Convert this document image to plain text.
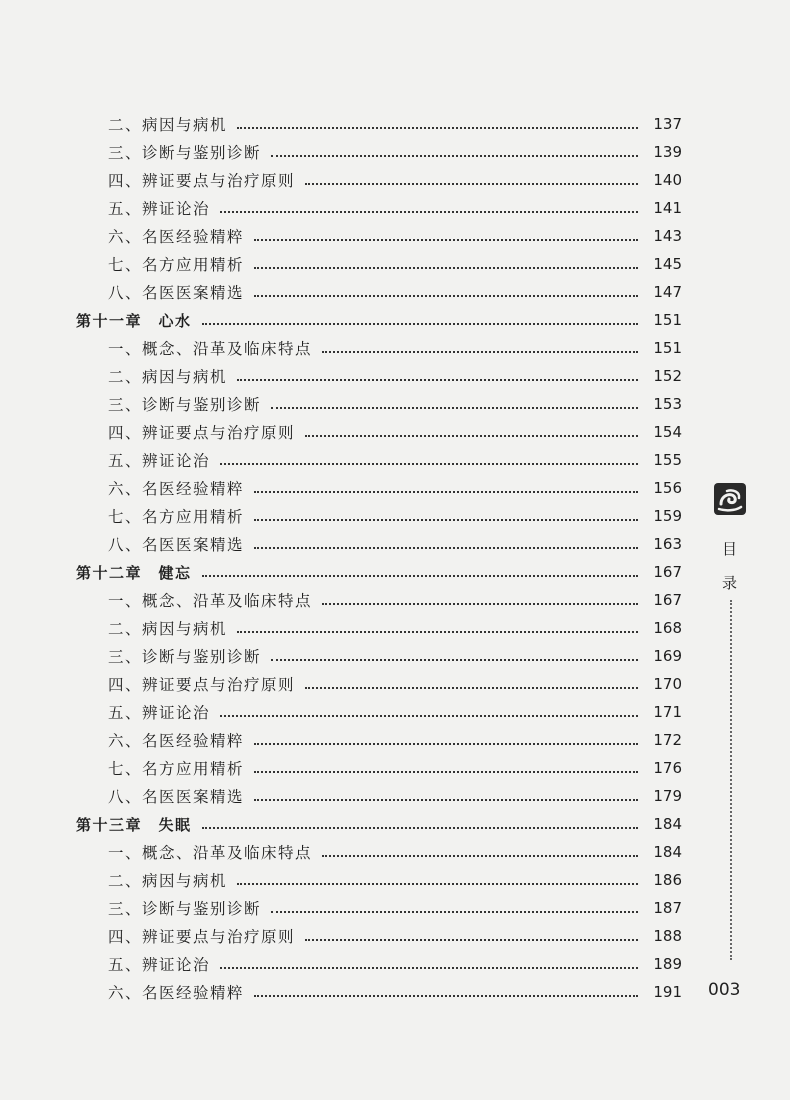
二、病因与病机	137
三、诊断与鉴别诊断	139
四、辨证要点与治疗原则	140
五、辨证论治	141
六、名医经验精粹	143
七、名方应用精析	145
八、名医医案精选	147
第十一章　心水	151
一、概念、沿革及临床特点	151
二、病因与病机	152
三、诊断与鉴别诊断	153
四、辨证要点与治疗原则	154
五、辨证论治	155
六、名医经验精粹	156
七、名方应用精析	159
八、名医医案精选	163
第十二章　健忘	167
一、概念、沿革及临床特点	167
二、病因与病机	168
三、诊断与鉴别诊断	169
四、辨证要点与治疗原则	170
五、辨证论治	171
六、名医经验精粹	172
七、名方应用精析	176
八、名医医案精选	179
第十三章　失眠	184
一、概念、沿革及临床特点	184
二、病因与病机	186
三、诊断与鉴别诊断	187
四、辨证要点与治疗原则	188
五、辨证论治	189
六、名医经验精粹	191
目
录
003
